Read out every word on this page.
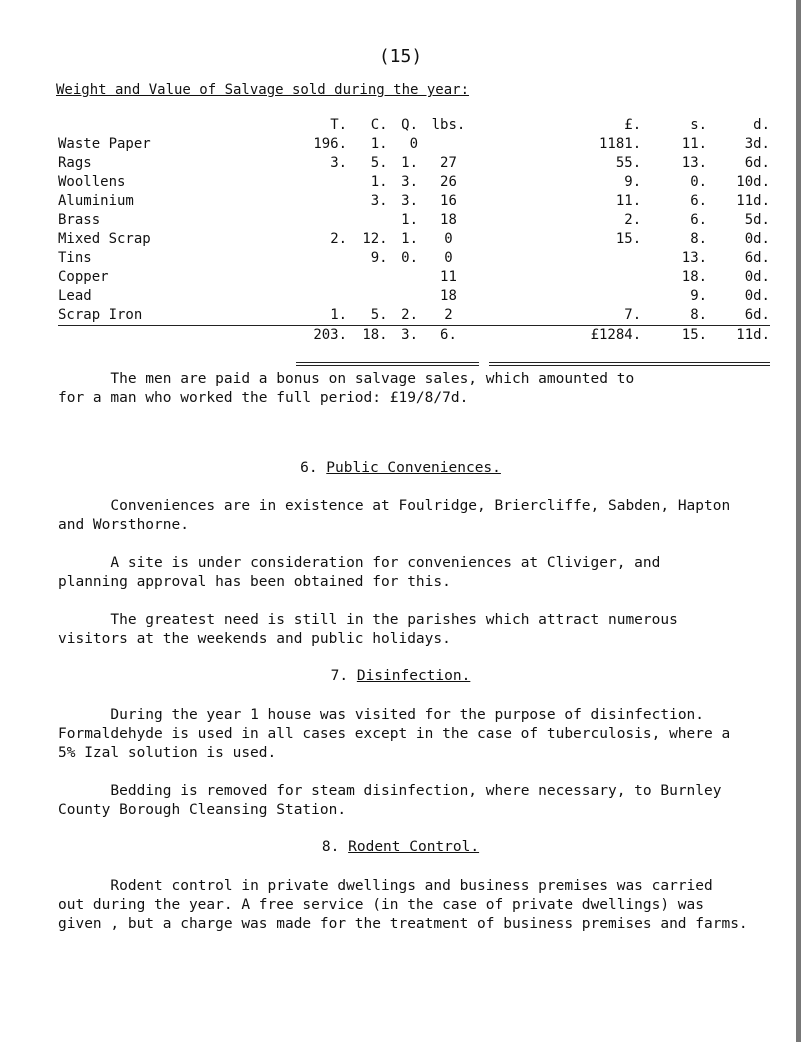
(15)
Weight and Value of Salvage sold during the year:
	T.	C.	Q.	lbs.		£.	s.	d.
Waste Paper	196.	1.	0			1181.	11.	3d.
Rags	3.	5.	1.	27		55.	13.	6d.
Woollens		1.	3.	26		9.	0.	10d.
Aluminium		3.	3.	16		11.	6.	11d.
Brass			1.	18		2.	6.	5d.
Mixed Scrap	2.	12.	1.	0		15.	8.	0d.
Tins		9.	0.	0			13.	6d.
Copper				11			18.	0d.
Lead				18			9.	0d.
Scrap Iron	1.	5.	2.	2		7.	8.	6d.
	203.	18.	3.	6.		£1284.	15.	11d.

The men are paid a bonus on salvage sales, which amounted to
for a man who worked the full period: £19/8/7d.
6. Public Conveniences.
Conveniences are in existence at Foulridge, Briercliffe, Sabden, Hapton
and Worsthorne.
A site is under consideration for conveniences at Cliviger, and
planning approval has been obtained for this.
The greatest need is still in the parishes which attract numerous
visitors at the weekends and public holidays.
7. Disinfection.
During the year 1 house was visited for the purpose of disinfection.
Formaldehyde is used in all cases except in the case of tuberculosis, where a
5% Izal solution is used.
Bedding is removed for steam disinfection, where necessary, to Burnley
County Borough Cleansing Station.
8. Rodent Control.
Rodent control in private dwellings and business premises was carried
out during the year. A free service (in the case of private dwellings) was
given , but a charge was made for the treatment of business premises and farms.
